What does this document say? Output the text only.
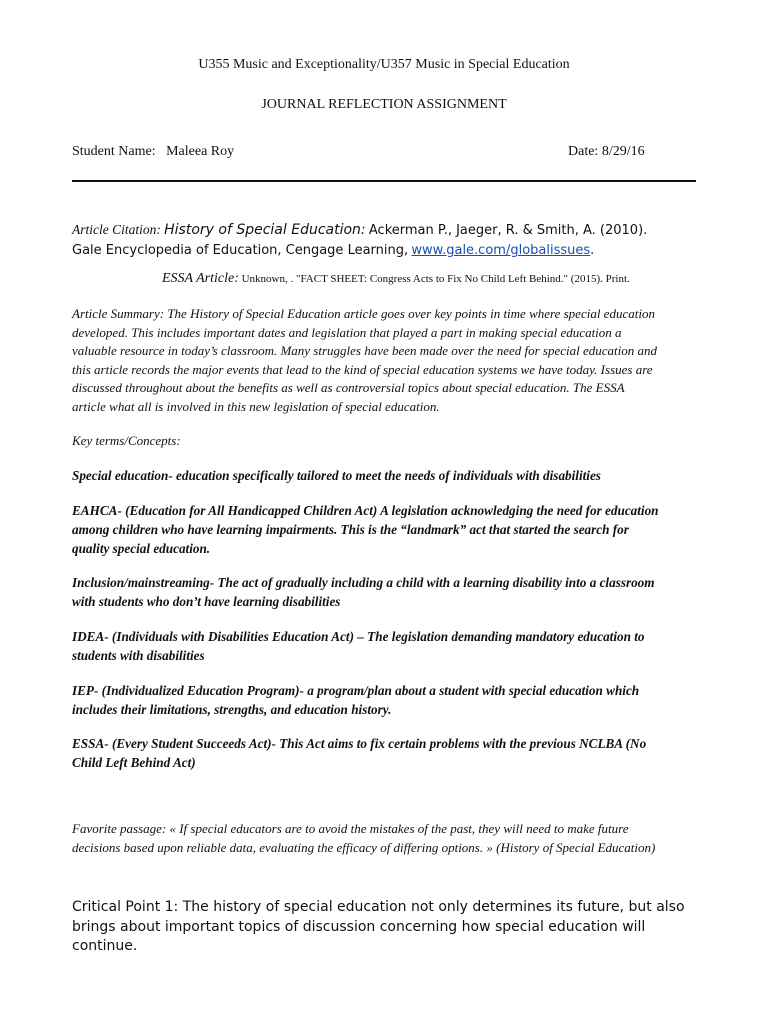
U355 Music and Exceptionality/U357 Music in Special Education
JOURNAL REFLECTION ASSIGNMENT
Student Name: Maleea Roy	Date: 8/29/16
Article Citation: History of Special Education: Ackerman P., Jaeger, R. & Smith, A. (2010).
Gale Encyclopedia of Education, Cengage Learning, www.gale.com/globalissues.
ESSA Article: Unknown, . "FACT SHEET: Congress Acts to Fix No Child Left Behind." (2015). Print.
Article Summary: The History of Special Education article goes over key points in time where special education
developed. This includes important dates and legislation that played a part in making special education a
valuable resource in today’s classroom. Many struggles have been made over the need for special education and
this article records the major events that lead to the kind of special education systems we have today. Issues are
discussed throughout about the benefits as well as controversial topics about special education. The ESSA
article what all is involved in this new legislation of special education.
Key terms/Concepts:
Special education- education specifically tailored to meet the needs of individuals with disabilities
EAHCA- (Education for All Handicapped Children Act) A legislation acknowledging the need for education
among children who have learning impairments. This is the “landmark” act that started the search for
quality special education.
Inclusion/mainstreaming- The act of gradually including a child with a learning disability into a classroom
with students who don’t have learning disabilities
IDEA- (Individuals with Disabilities Education Act) – The legislation demanding mandatory education to
students with disabilities
IEP- (Individualized Education Program)- a program/plan about a student with special education which
includes their limitations, strengths, and education history.
ESSA- (Every Student Succeeds Act)- This Act aims to fix certain problems with the previous NCLBA (No
Child Left Behind Act)
Favorite passage: « If special educators are to avoid the mistakes of the past, they will need to make future
decisions based upon reliable data, evaluating the efficacy of differing options. » (History of Special Education)
Critical Point 1: The history of special education not only determines its future, but also
brings about important topics of discussion concerning how special education will
continue.
